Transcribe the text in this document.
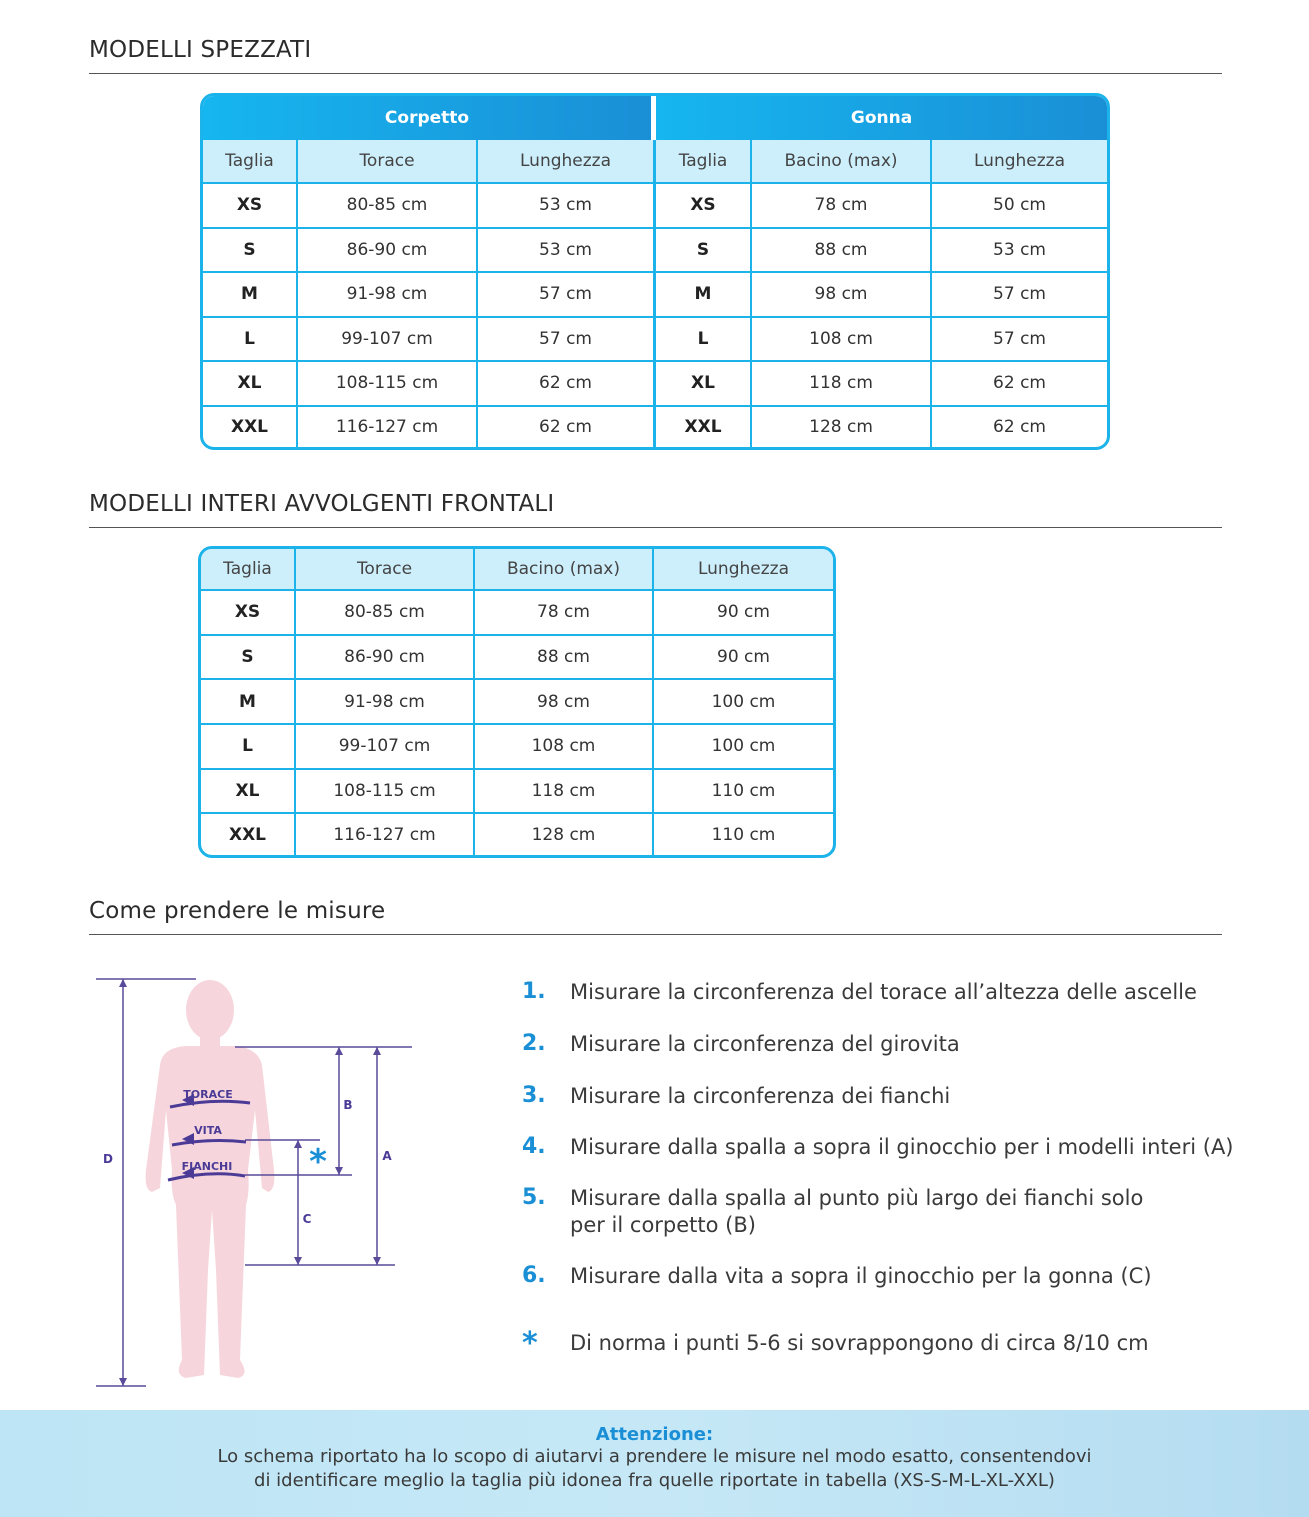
MODELLI SPEZZATI
Corpetto			Gonna		
Taglia	Torace	Lunghezza	Taglia	Bacino (max)	Lunghezza
XS	80-85 cm	53 cm	XS	78 cm	50 cm
S	86-90 cm	53 cm	S	88 cm	53 cm
M	91-98 cm	57 cm	M	98 cm	57 cm
L	99-107 cm	57 cm	L	108 cm	57 cm
XL	108-115 cm	62 cm	XL	118 cm	62 cm
XXL	116-127 cm	62 cm	XXL	128 cm	62 cm
MODELLI INTERI AVVOLGENTI FRONTALI
Taglia	Torace	Bacino (max)	Lunghezza
XS	80-85 cm	78 cm	90 cm
S	86-90 cm	88 cm	90 cm
M	91-98 cm	98 cm	100 cm
L	99-107 cm	108 cm	100 cm
XL	108-115 cm	118 cm	110 cm
XXL	116-127 cm	128 cm	110 cm
Come prendere le misure
TORACE
VITA
FIANCHI
D
B
A
C
*
1.	Misurare la circonferenza del torace all’altezza delle ascelle
2.	Misurare la circonferenza del girovita
3.	Misurare la circonferenza dei fianchi
4.	Misurare dalla spalla a sopra il ginocchio per i modelli interi (A)
5.	Misurare dalla spalla al punto più largo dei fianchi solo
per il corpetto (B)
6.	Misurare dalla vita a sopra il ginocchio per la gonna (C)
*	Di norma i punti 5-6 si sovrappongono di circa 8/10 cm
Attenzione:
Lo schema riportato ha lo scopo di aiutarvi a prendere le misure nel modo esatto, consentendovi
di identificare meglio la taglia più idonea fra quelle riportate in tabella (XS-S-M-L-XL-XXL)
